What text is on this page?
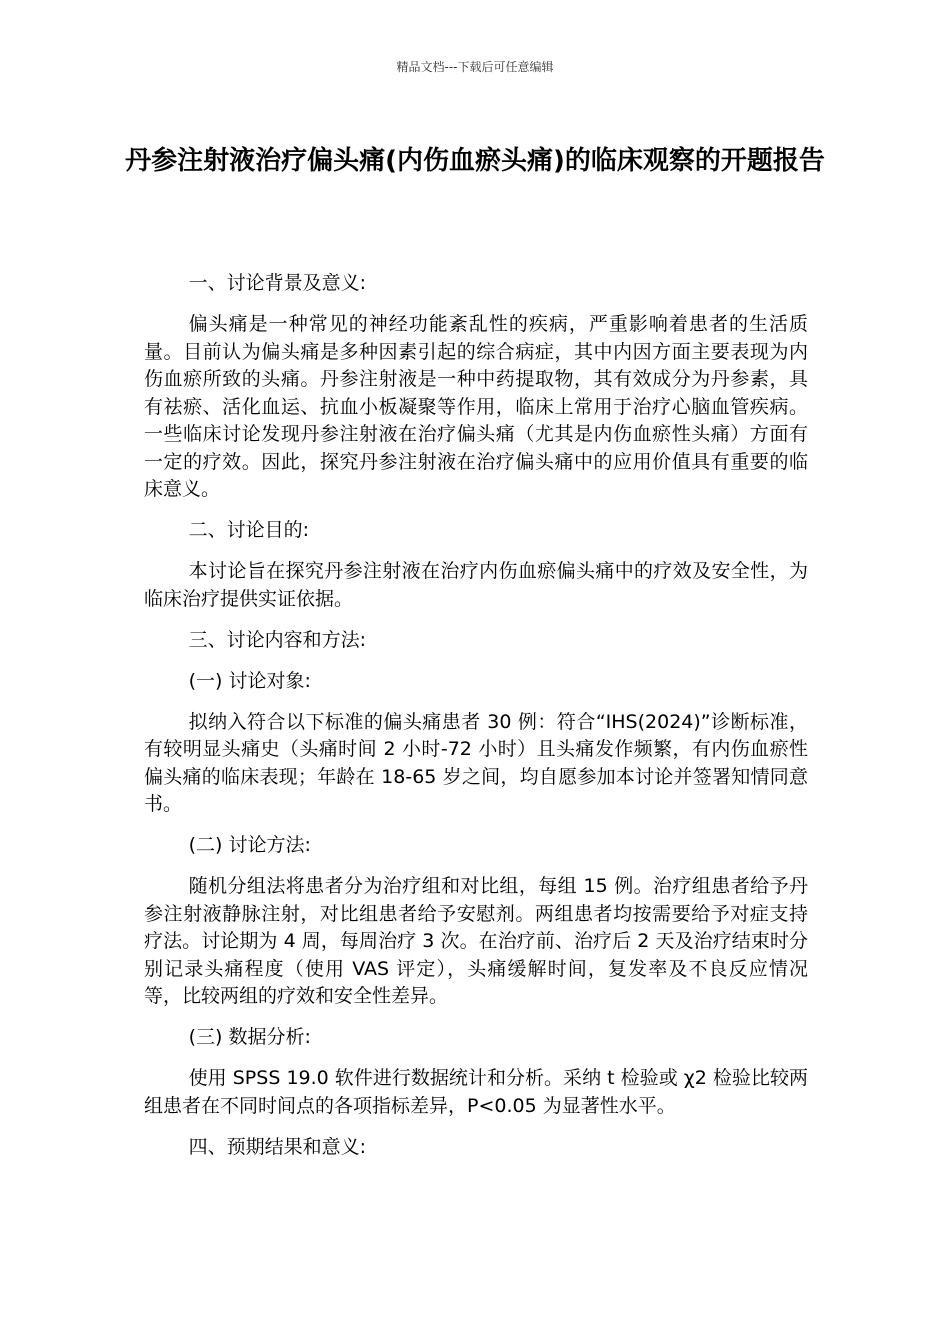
精品文档---下载后可任意编辑
丹参注射液治疗偏头痛(内伤血瘀头痛)的临床观察的开题报告

一、讨论背景及意义:

偏头痛是一种常见的神经功能紊乱性的疾病，严重影响着患者的生活质量。目前认为偏头痛是多种因素引起的综合病症，其中内因方面主要表现为内伤血瘀所致的头痛。丹参注射液是一种中药提取物，其有效成分为丹参素，具有祛瘀、活化血运、抗血小板凝聚等作用，临床上常用于治疗心脑血管疾病。一些临床讨论发现丹参注射液在治疗偏头痛（尤其是内伤血瘀性头痛）方面有一定的疗效。因此，探究丹参注射液在治疗偏头痛中的应用价值具有重要的临床意义。

二、讨论目的:

本讨论旨在探究丹参注射液在治疗内伤血瘀偏头痛中的疗效及安全性，为临床治疗提供实证依据。

三、讨论内容和方法:

(一) 讨论对象:

拟纳入符合以下标准的偏头痛患者 30 例：符合“IHS(2024)”诊断标准，有较明显头痛史（头痛时间 2 小时-72 小时）且头痛发作频繁，有内伤血瘀性偏头痛的临床表现；年龄在 18-65 岁之间，均自愿参加本讨论并签署知情同意书。

(二) 讨论方法:

随机分组法将患者分为治疗组和对比组，每组 15 例。治疗组患者给予丹参注射液静脉注射，对比组患者给予安慰剂。两组患者均按需要给予对症支持疗法。讨论期为 4 周，每周治疗 3 次。在治疗前、治疗后 2 天及治疗结束时分别记录头痛程度（使用 VAS 评定），头痛缓解时间，复发率及不良反应情况等，比较两组的疗效和安全性差异。

(三) 数据分析:

使用 SPSS 19.0 软件进行数据统计和分析。采纳 t 检验或 χ2 检验比较两组患者在不同时间点的各项指标差异，P<0.05 为显著性水平。

四、预期结果和意义:
